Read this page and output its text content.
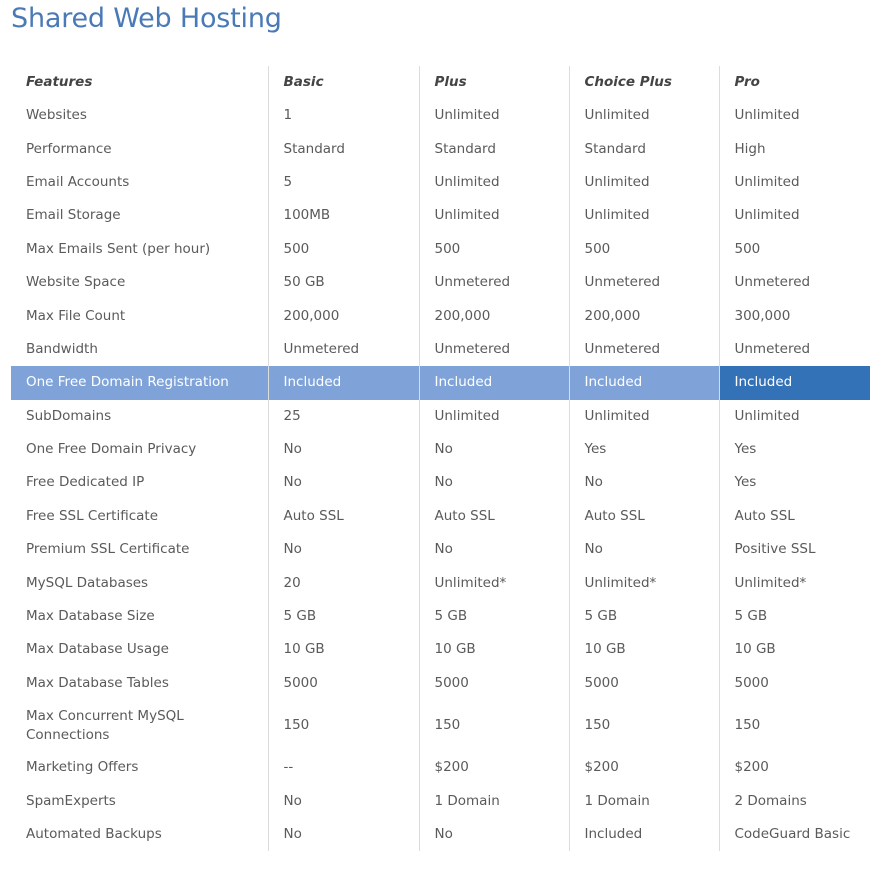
Shared Web Hosting
Features	Basic	Plus	Choice Plus	Pro
Websites	1	Unlimited	Unlimited	Unlimited
Performance	Standard	Standard	Standard	High
Email Accounts	5	Unlimited	Unlimited	Unlimited
Email Storage	100MB	Unlimited	Unlimited	Unlimited
Max Emails Sent (per hour)	500	500	500	500
Website Space	50 GB	Unmetered	Unmetered	Unmetered
Max File Count	200,000	200,000	200,000	300,000
Bandwidth	Unmetered	Unmetered	Unmetered	Unmetered
One Free Domain Registration	Included	Included	Included	Included
SubDomains	25	Unlimited	Unlimited	Unlimited
One Free Domain Privacy	No	No	Yes	Yes
Free Dedicated IP	No	No	No	Yes
Free SSL Certificate	Auto SSL	Auto SSL	Auto SSL	Auto SSL
Premium SSL Certificate	No	No	No	Positive SSL
MySQL Databases	20	Unlimited*	Unlimited*	Unlimited*
Max Database Size	5 GB	5 GB	5 GB	5 GB
Max Database Usage	10 GB	10 GB	10 GB	10 GB
Max Database Tables	5000	5000	5000	5000
Max Concurrent MySQL Connections	150	150	150	150
Marketing Offers	--	$200	$200	$200
SpamExperts	No	1 Domain	1 Domain	2 Domains
Automated Backups	No	No	Included	CodeGuard Basic
